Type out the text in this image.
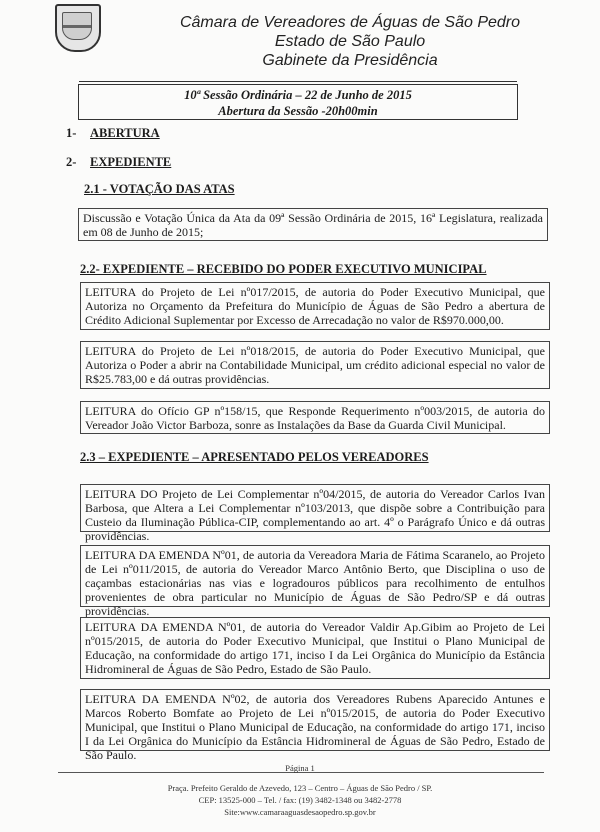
Câmara de Vereadores de Águas de São Pedro
Estado de São Paulo
Gabinete da Presidência
10ª Sessão Ordinária – 22 de Junho de 2015
Abertura da Sessão -20h00min
1- ABERTURA
2- EXPEDIENTE
2.1 - VOTAÇÃO DAS ATAS
Discussão e Votação Única da Ata da 09ª Sessão Ordinária de 2015, 16ª Legislatura, realizada em 08 de Junho de 2015;
2.2- EXPEDIENTE – RECEBIDO DO PODER EXECUTIVO MUNICIPAL
LEITURA do Projeto de Lei nº017/2015, de autoria do Poder Executivo Municipal, que Autoriza no Orçamento da Prefeitura do Município de Águas de São Pedro a abertura de Crédito Adicional Suplementar por Excesso de Arrecadação no valor de R$970.000,00.
LEITURA do Projeto de Lei nº018/2015, de autoria do Poder Executivo Municipal, que Autoriza o Poder a abrir na Contabilidade Municipal, um crédito adicional especial no valor de R$25.783,00 e dá outras providências.
LEITURA do Ofício GP nº158/15, que Responde Requerimento nº003/2015, de autoria do Vereador João Victor Barboza, sonre as Instalações da Base da Guarda Civil Municipal.
2.3 – EXPEDIENTE – APRESENTADO PELOS VEREADORES
LEITURA DO Projeto de Lei Complementar nº04/2015, de autoria do Vereador Carlos Ivan Barbosa, que Altera a Lei Complementar nº103/2013, que dispõe sobre a Contribuição para Custeio da Iluminação Pública-CIP, complementando ao art. 4º o Parágrafo Único e dá outras providências.
LEITURA DA EMENDA Nº01, de autoria da Vereadora Maria de Fátima Scaranelo, ao Projeto de Lei nº011/2015, de autoria do Vereador Marco Antônio Berto, que Disciplina o uso de caçambas estacionárias nas vias e logradouros públicos para recolhimento de entulhos provenientes de obra particular no Município de Águas de São Pedro/SP e dá outras providências.
LEITURA DA EMENDA Nº01, de autoria do Vereador Valdir Ap.Gibim ao Projeto de Lei nº015/2015, de autoria do Poder Executivo Municipal, que Institui o Plano Municipal de Educação, na conformidade do artigo 171, inciso I da Lei Orgânica do Município da Estância Hidromineral de Águas de São Pedro, Estado de São Paulo.
LEITURA DA EMENDA Nº02, de autoria dos Vereadores Rubens Aparecido Antunes e Marcos Roberto Bomfate ao Projeto de Lei nº015/2015, de autoria do Poder Executivo Municipal, que Institui o Plano Municipal de Educação, na conformidade do artigo 171, inciso I da Lei Orgânica do Município da Estância Hidromineral de Águas de São Pedro, Estado de São Paulo.
Página 1
Praça. Prefeito Geraldo de Azevedo, 123 – Centro – Águas de São Pedro / SP.
CEP: 13525-000 – Tel. / fax: (19) 3482-1348 ou 3482-2778
Site:www.camaraaguasdesaopedro.sp.gov.br
